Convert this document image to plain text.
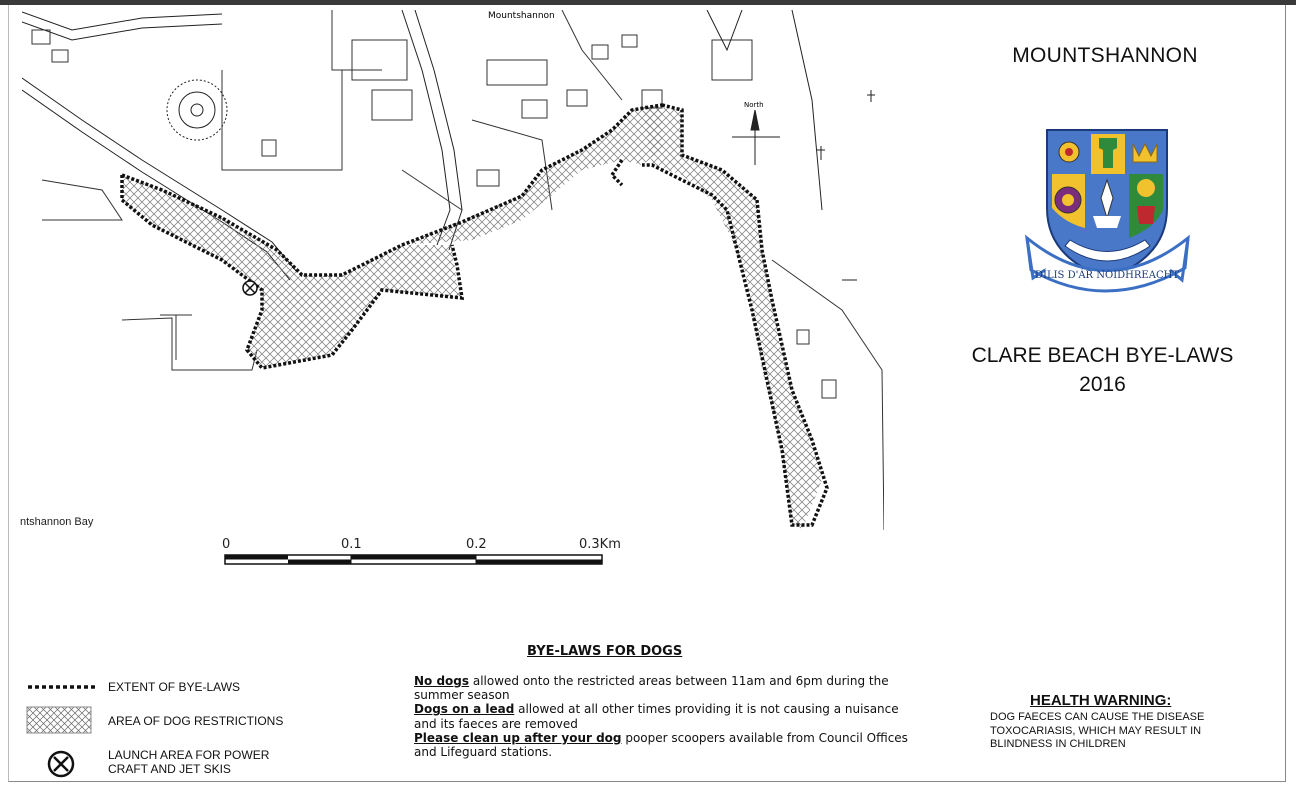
North
Mountshannon
0	0.1	0.2	0.3Km
ntshannon Bay
MOUNTSHANNON
DÍLIS D'ÁR NOIDHREACHT
CLARE BEACH BYE-LAWS
2016
EXTENT OF BYE-LAWS
AREA OF DOG RESTRICTIONS
LAUNCH AREA FOR POWER
CRAFT AND JET SKIS
BYE-LAWS FOR DOGS
No dogs allowed onto the restricted areas between 11am and 6pm during the summer season
Dogs on a lead allowed at all other times providing it is not causing a nuisance
and its faeces are removed
Please clean up after your dog pooper scoopers available from Council Offices and Lifeguard stations.
HEALTH WARNING:
DOG FAECES CAN CAUSE THE DISEASE TOXOCARIASIS, WHICH MAY RESULT IN BLINDNESS IN CHILDREN
